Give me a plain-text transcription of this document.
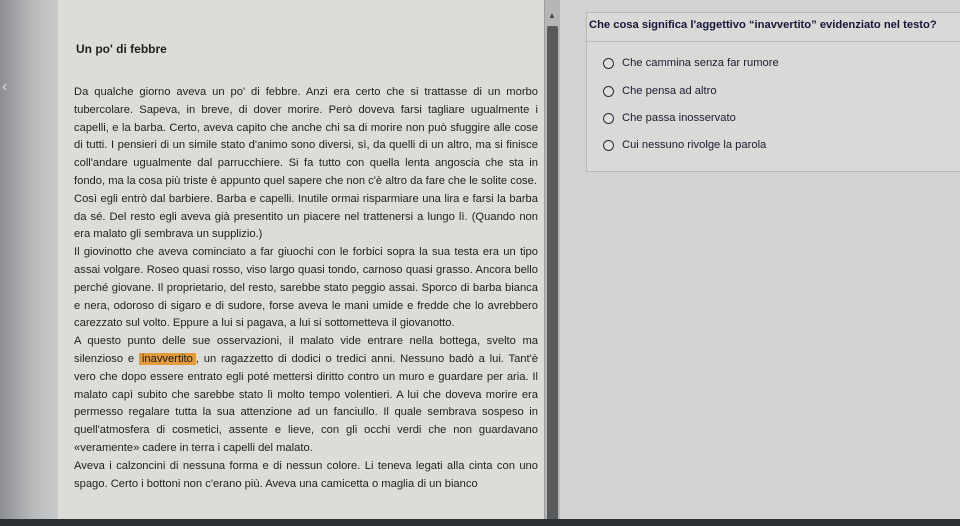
‹
Un po' di febbre

Da qualche giorno aveva un po' di febbre. Anzi era certo che si trattasse di un morbo tubercolare. Sapeva, in breve, di dover morire. Però doveva farsi tagliare ugualmente i capelli, e la barba. Certo, aveva capito che anche chi sa di morire non può sfuggire alle cose di tutti. I pensieri di un simile stato d'animo sono diversi, sì, da quelli di un altro, ma si finisce coll'andare ugualmente dal parrucchiere. Si fa tutto con quella lenta angoscia che sta in fondo, ma la cosa più triste è appunto quel sapere che non c'è altro da fare che le solite cose.

Così egli entrò dal barbiere. Barba e capelli. Inutile ormai risparmiare una lira e farsi la barba da sé. Del resto egli aveva già presentito un piacere nel trattenersi a lungo lì. (Quando non era malato gli sembrava un supplizio.)

Il giovinotto che aveva cominciato a far giuochi con le forbici sopra la sua testa era un tipo assai volgare. Roseo quasi rosso, viso largo quasi tondo, carnoso quasi grasso. Ancora bello perché giovane. Il proprietario, del resto, sarebbe stato peggio assai. Sporco di barba bianca e nera, odoroso di sigaro e di sudore, forse aveva le mani umide e fredde che lo avrebbero carezzato sul volto. Eppure a lui si pagava, a lui si sottometteva il giovanotto.

A questo punto delle sue osservazioni, il malato vide entrare nella bottega, svelto ma silenzioso e inavvertito , un ragazzetto di dodici o tredici anni. Nessuno badò a lui. Tant'è vero che dopo essere entrato egli poté mettersi diritto contro un muro e guardare per aria. Il malato capì subito che sarebbe stato lì molto tempo volentieri. A lui che doveva morire era permesso regalare tutta la sua attenzione ad un fanciullo. Il quale sembrava sospeso in quell'atmosfera di cosmetici, assente e lieve, con gli occhi verdi che non guardavano «veramente» cadere in terra i capelli del malato.

Aveva i calzoncini di nessuna forma e di nessun colore. Li teneva legati alla cinta con uno spago. Certo i bottoni non c'erano più. Aveva una camicetta o maglia di un bianco

▲

Che cosa significa l'aggettivo “inavvertito” evidenziato nel testo?

Che cammina senza far rumore
Che pensa ad altro
Che passa inosservato
Cui nessuno rivolge la parola
